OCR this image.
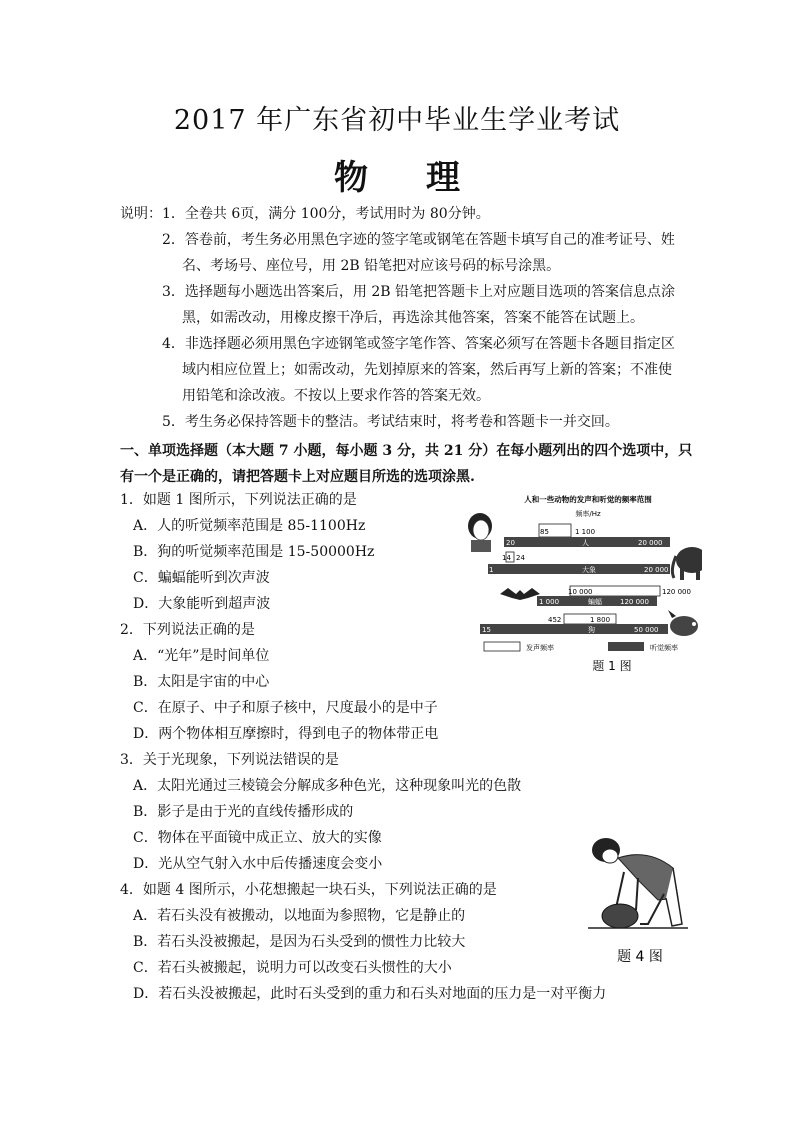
2017 年广东省初中毕业生学业考试
物理
说明： 1．全卷共 6页，满分 100分，考试用时为 80分钟。
2．答卷前，考生务必用黑色字迹的签字笔或钢笔在答题卡填写自己的准考证号、姓
名、考场号、座位号，用 2B 铅笔把对应该号码的标号涂黑。
3．选择题每小题选出答案后，用 2B 铅笔把答题卡上对应题目选项的答案信息点涂
黑，如需改动，用橡皮擦干净后，再选涂其他答案，答案不能答在试题上。
4．非选择题必须用黑色字迹钢笔或签字笔作答、答案必须写在答题卡各题目指定区
域内相应位置上；如需改动，先划掉原来的答案，然后再写上新的答案；不准使
用铅笔和涂改液。不按以上要求作答的答案无效。
5．考生务必保持答题卡的整洁。考试结束时，将考卷和答题卡一并交回。
一、单项选择题（本大题 7 小题，每小题 3 分，共 21 分）在每小题列出的四个选项中，只
有一个是正确的，请把答题卡上对应题目所选的选项涂黑.
1．如题 1 图所示，下列说法正确的是
A．人的听觉频率范围是 85-1100Hz
B．狗的听觉频率范围是 15-50000Hz
C．蝙蝠能听到次声波
D．大象能听到超声波
2．下列说法正确的是
A．“光年”是时间单位
B．太阳是宇宙的中心
C．在原子、中子和原子核中，尺度最小的是中子
D．两个物体相互摩擦时，得到电子的物体带正电
3．关于光现象，下列说法错误的是
A．太阳光通过三棱镜会分解成多种色光，这种现象叫光的色散
B．影子是由于光的直线传播形成的
C．物体在平面镜中成正立、放大的实像
D．光从空气射入水中后传播速度会变小
4．如题 4 图所示，小花想搬起一块石头，下列说法正确的是
A．若石头没有被搬动，以地面为参照物，它是静止的
B．若石头没被搬起，是因为石头受到的惯性力比较大
C．若石头被搬起，说明力可以改变石头惯性的大小
D．若石头没被搬起，此时石头受到的重力和石头对地面的压力是一对平衡力
人和一些动物的发声和听觉的频率范围
频率/Hz
85	1 100
20	人	20 000
14 24
1	大象	20 000
10 000	120 000
1 000	蝙蝠	120 000
452	1 800
15	狗	50 000
发声频率	听觉频率
题 1 图
题 4 图
